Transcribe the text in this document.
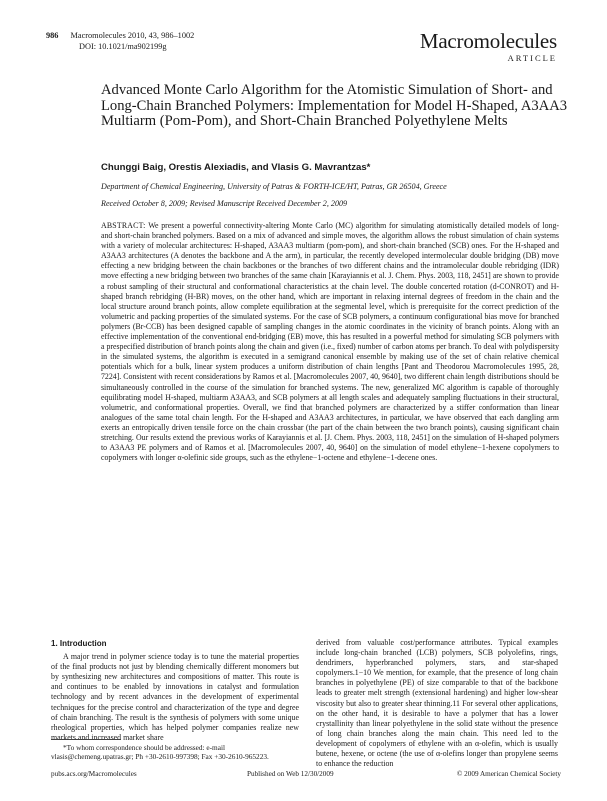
986 Macromolecules 2010, 43, 986–1002
DOI: 10.1021/ma902199g	Macromolecules
ARTICLE
Advanced Monte Carlo Algorithm for the Atomistic Simulation of Short- and Long-Chain Branched Polymers: Implementation for Model H-Shaped, A3AA3 Multiarm (Pom-Pom), and Short-Chain Branched Polyethylene Melts
Chunggi Baig, Orestis Alexiadis, and Vlasis G. Mavrantzas*
Department of Chemical Engineering, University of Patras & FORTH-ICE/HT, Patras, GR 26504, Greece
Received October 8, 2009; Revised Manuscript Received December 2, 2009

ABSTRACT: We present a powerful connectivity-altering Monte Carlo (MC) algorithm for simulating atomistically detailed models of long- and short-chain branched polymers. Based on a mix of advanced and simple moves, the algorithm allows the robust simulation of chain systems with a variety of molecular architectures: H-shaped, A3AA3 multiarm (pom-pom), and short-chain branched (SCB) ones. For the H-shaped and A3AA3 architectures (A denotes the backbone and A the arm), in particular, the recently developed intermolecular double bridging (DB) move effecting a new bridging between the chain backbones or the branches of two different chains and the intramolecular double rebridging (IDR) move effecting a new bridging between two branches of the same chain [Karayiannis et al. J. Chem. Phys. 2003, 118, 2451] are shown to provide a robust sampling of their structural and conformational characteristics at the chain level. The double concerted rotation (d-CONROT) and H-shaped branch rebridging (H-BR) moves, on the other hand, which are important in relaxing internal degrees of freedom in the chain and the local structure around branch points, allow complete equilibration at the segmental level, which is prerequisite for the correct prediction of the volumetric and packing properties of the simulated systems. For the case of SCB polymers, a continuum configurational bias move for branched polymers (Br-CCB) has been designed capable of sampling changes in the atomic coordinates in the vicinity of branch points. Along with an effective implementation of the conventional end-bridging (EB) move, this has resulted in a powerful method for simulating SCB polymers with a prespecified distribution of branch points along the chain and given (i.e., fixed) number of carbon atoms per branch. To deal with polydispersity in the simulated systems, the algorithm is executed in a semigrand canonical ensemble by making use of the set of chain relative chemical potentials which for a bulk, linear system produces a uniform distribution of chain lengths [Pant and Theodorou Macromolecules 1995, 28, 7224]. Consistent with recent considerations by Ramos et al. [Macromolecules 2007, 40, 9640], two different chain length distributions should be simultaneously controlled in the course of the simulation for branched systems. The new, generalized MC algorithm is capable of thoroughly equilibrating model H-shaped, multiarm A3AA3, and SCB polymers at all length scales and adequately sampling fluctuations in their structural, volumetric, and conformational properties. Overall, we find that branched polymers are characterized by a stiffer conformation than linear analogues of the same total chain length. For the H-shaped and A3AA3 architectures, in particular, we have observed that each dangling arm exerts an entropically driven tensile force on the chain crossbar (the part of the chain between the two branch points), causing significant chain stretching. Our results extend the previous works of Karayiannis et al. [J. Chem. Phys. 2003, 118, 2451] on the simulation of H-shaped polymers to A3AA3 PE polymers and of Ramos et al. [Macromolecules 2007, 40, 9640] on the simulation of model ethylene−1-hexene copolymers to copolymers with longer α-olefinic side groups, such as the ethylene−1-octene and ethylene−1-decene ones.

1. Introduction

A major trend in polymer science today is to tune the material properties of the final products not just by blending chemically different monomers but by synthesizing new architectures and compositions of matter. This route is and continues to be enabled by innovations in catalyst and formulation technology and by recent advances in the development of experimental techniques for the precise control and characterization of the type and degree of chain branching. The result is the synthesis of polymers with some unique rheological properties, which has helped polymer companies realize new markets and increased market share

derived from valuable cost/performance attributes. Typical examples include long-chain branched (LCB) polymers, SCB polyolefins, rings, dendrimers, hyperbranched polymers, stars, and star-shaped copolymers.1−10 We mention, for example, that the presence of long chain branches in polyethylene (PE) of size comparable to that of the backbone leads to greater melt strength (extensional hardening) and higher low-shear viscosity but also to greater shear thinning.11 For several other applications, on the other hand, it is desirable to have a polymer that has a lower crystallinity than linear polyethylene in the solid state without the presence of long chain branches along the main chain. This need led to the development of copolymers of ethylene with an α-olefin, which is usually butene, hexene, or octene (the use of α-olefins longer than propylene seems to enhance the reduction

*To whom correspondence should be addressed: e-mail vlasis@chemeng.upatras.gr; Ph +30-2610-997398; Fax +30-2610-965223.
pubs.acs.org/Macromolecules	Published on Web 12/30/2009	© 2009 American Chemical Society
